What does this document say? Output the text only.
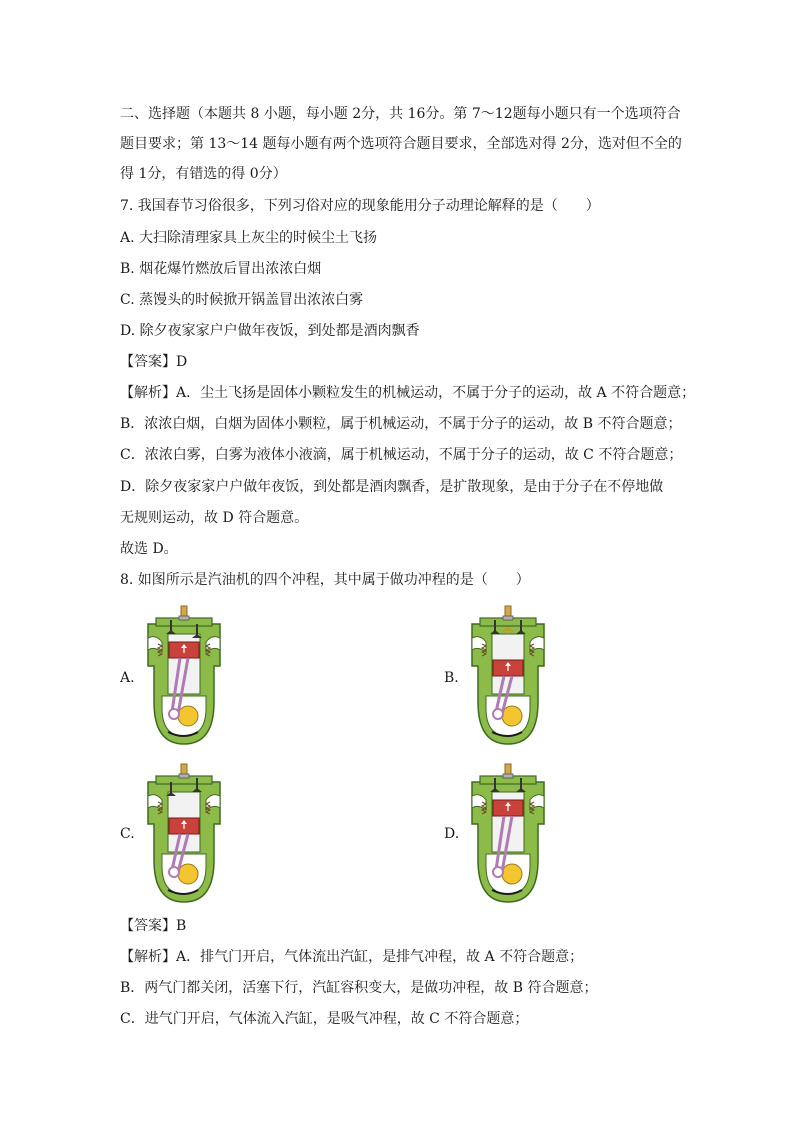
二、选择题（本题共 8 小题，每小题 2分，共 16分。第 7～12题每小题只有一个选项符合
题目要求；第 13～14 题每小题有两个选项符合题目要求，全部选对得 2分，选对但不全的
得 1分，有错选的得 0分）
7. 我国春节习俗很多，下列习俗对应的现象能用分子动理论解释的是（　　）
A. 大扫除清理家具上灰尘的时候尘土飞扬
B. 烟花爆竹燃放后冒出浓浓白烟
C. 蒸馒头的时候掀开锅盖冒出浓浓白雾
D. 除夕夜家家户户做年夜饭，到处都是酒肉飘香
【答案】D
【解析】A．尘土飞扬是固体小颗粒发生的机械运动，不属于分子的运动，故 A 不符合题意；
B．浓浓白烟，白烟为固体小颗粒，属于机械运动，不属于分子的运动，故 B 不符合题意；
C．浓浓白雾，白雾为液体小液滴，属于机械运动，不属于分子的运动，故 C 不符合题意；
D．除夕夜家家户户做年夜饭，到处都是酒肉飘香，是扩散现象，是由于分子在不停地做
无规则运动，故 D 符合题意。
故选 D。
8. 如图所示是汽油机的四个冲程，其中属于做功冲程的是（　　）
A.	B.
C.	D.
【答案】B
【解析】A．排气门开启，气体流出汽缸，是排气冲程，故 A 不符合题意；
B．两气门都关闭，活塞下行，汽缸容积变大，是做功冲程，故 B 符合题意；
C．进气门开启，气体流入汽缸，是吸气冲程，故 C 不符合题意；
